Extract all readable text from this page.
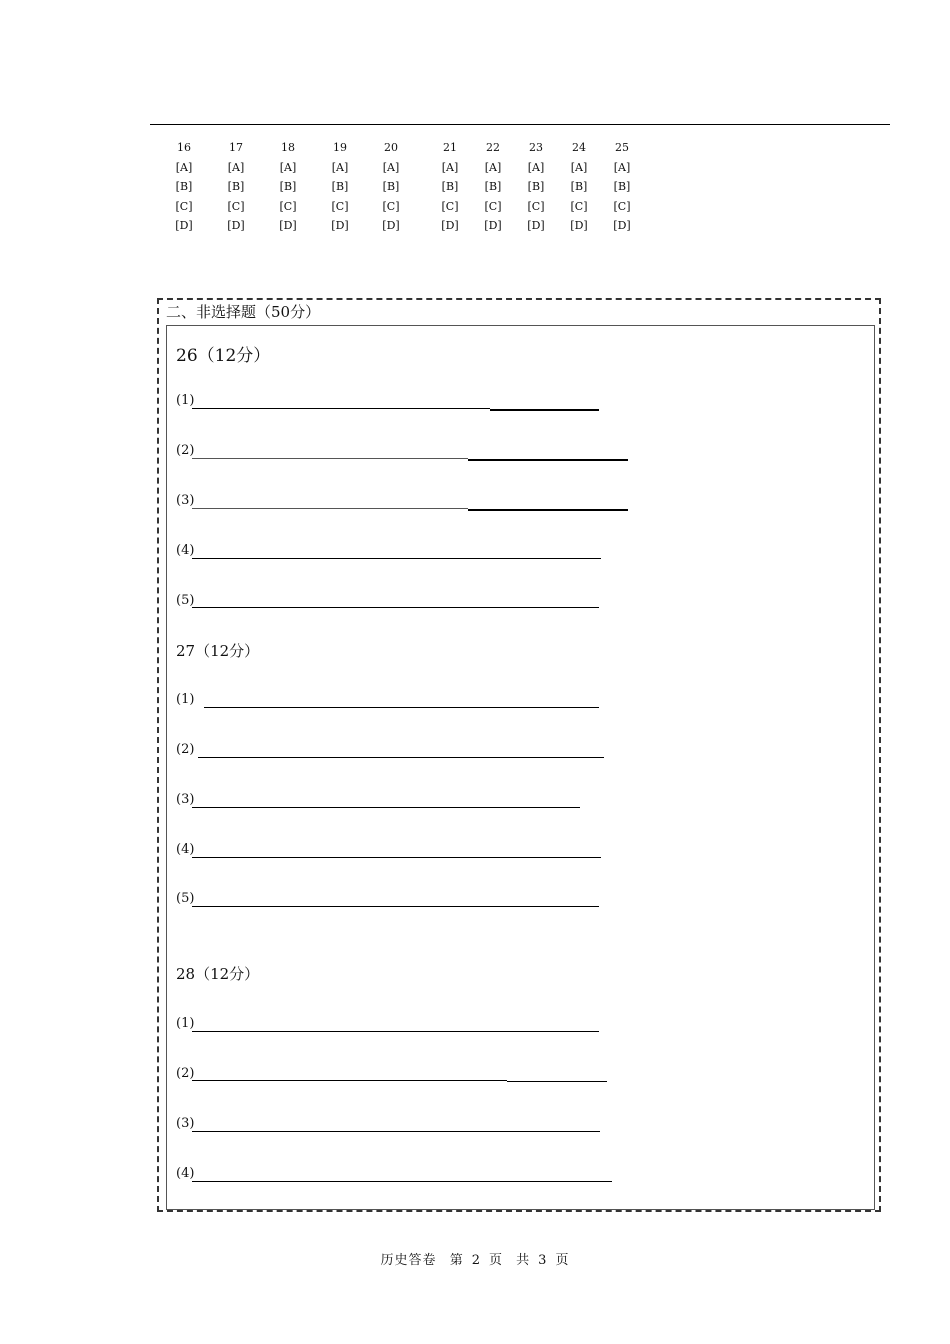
16
[A]
[B]
[C]
[D]
17
[A]
[B]
[C]
[D]
18
[A]
[B]
[C]
[D]
19
[A]
[B]
[C]
[D]
20
[A]
[B]
[C]
[D]
21
[A]
[B]
[C]
[D]
22
[A]
[B]
[C]
[D]
23
[A]
[B]
[C]
[D]
24
[A]
[B]
[C]
[D]
25
[A]
[B]
[C]
[D]
二、非选择题（50分）
26（12分）
(1)
(2)
(3)
(4)
(5)
27（12分）
(1)
(2)
(3)
(4)
(5)
28（12分）
(1)
(2)
(3)
(4)
历史答卷 第 2 页 共 3 页
